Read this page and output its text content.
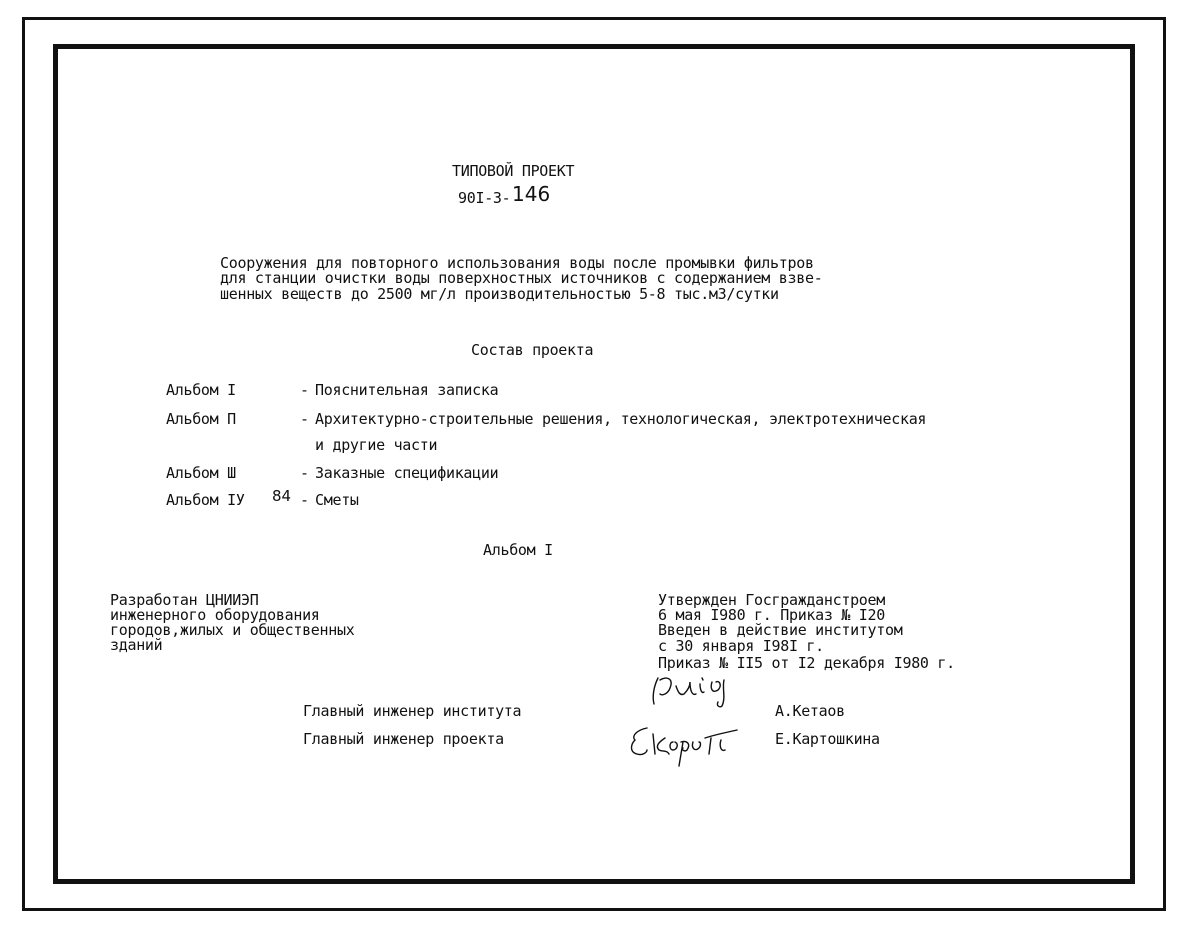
ТИПОВОЙ ПРОЕКТ
90I-3- 146
Сооружения для повторного использования воды после промывки фильтров
для станции очистки воды поверхностных источников с содержанием взве-
шенных веществ до 2500 мг/л производительностью 5-8 тыс.м3/сутки
Состав проекта
Альбом I	- Пояснительная записка
Альбом П	- Архитектурно-строительные решения, технологическая, электротехническая
и другие части
Альбом Ш	- Заказные спецификации
Альбом IУ 84 - Сметы
Альбом I
Разработан ЦНИИЭП
инженерного оборудования
городов,жилых и общественных
зданий
Утвержден Госгражданстроем
6 мая I980 г. Приказ № I20
Введен в действие институтом
с 30 января I98I г.
Приказ № II5 от I2 декабря I980 г.
Главный инженер института	А.Кетаов
Главный инженер проекта	Е.Картошкина
